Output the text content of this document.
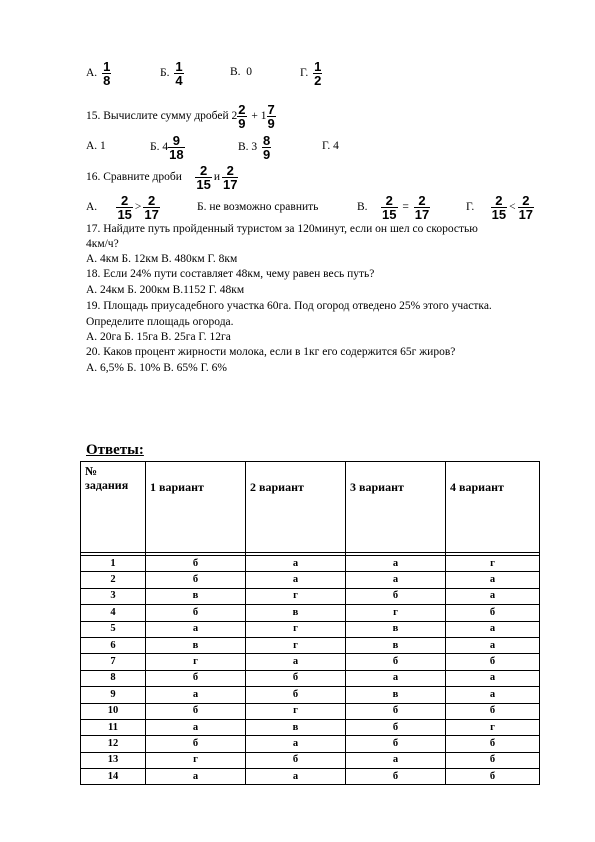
А. $\frac{1}{8}$	Б. $\frac{1}{4}$	В. 0	Г. $\frac{1}{2}$
15. Вычислите сумму дробей $2 \frac{2}{9} + 1 \frac{7}{9}$
А. 1	Б. $4 \frac{9}{18}$	В. $3 \frac{8}{9}$	Г. 4
16. Сравните дроби $\frac{2}{15}$ и $\frac{2}{17}$
А. $\frac{2}{15} > \frac{2}{17}$	Б. не возможно сравнить	В. $\frac{2}{15} = \frac{2}{17}$	Г. $\frac{2}{15} < \frac{2}{17}$
17. Найдите путь пройденный туристом за 120минут, если он шел со скоростью
4км/ч?
А. 4км Б. 12км В. 480км Г. 8км
18. Если 24% пути составляет 48км, чему равен весь путь?
А. 24км Б. 200км В.1152 Г. 48км
19. Площадь приусадебного участка 60га. Под огород отведено 25% этого участка.
Определите площадь огорода.
А. 20га Б. 15га В. 25га Г. 12га
20. Каков процент жирности молока, если в 1кг его содержится 65г жиров?
А. 6,5% Б. 10% В. 65% Г. 6%
Ответы:
№ задания	1 вариант	2 вариант	3 вариант	4 вариант

1	б	а	а	г
2	б	а	а	а
3	в	г	б	а
4	б	в	г	б
5	а	г	в	а
6	в	г	в	а
7	г	а	б	б
8	б	б	а	а
9	а	б	в	а
10	б	г	б	б
11	а	в	б	г
12	б	а	б	б
13	г	б	а	б
14	а	а	б	б
